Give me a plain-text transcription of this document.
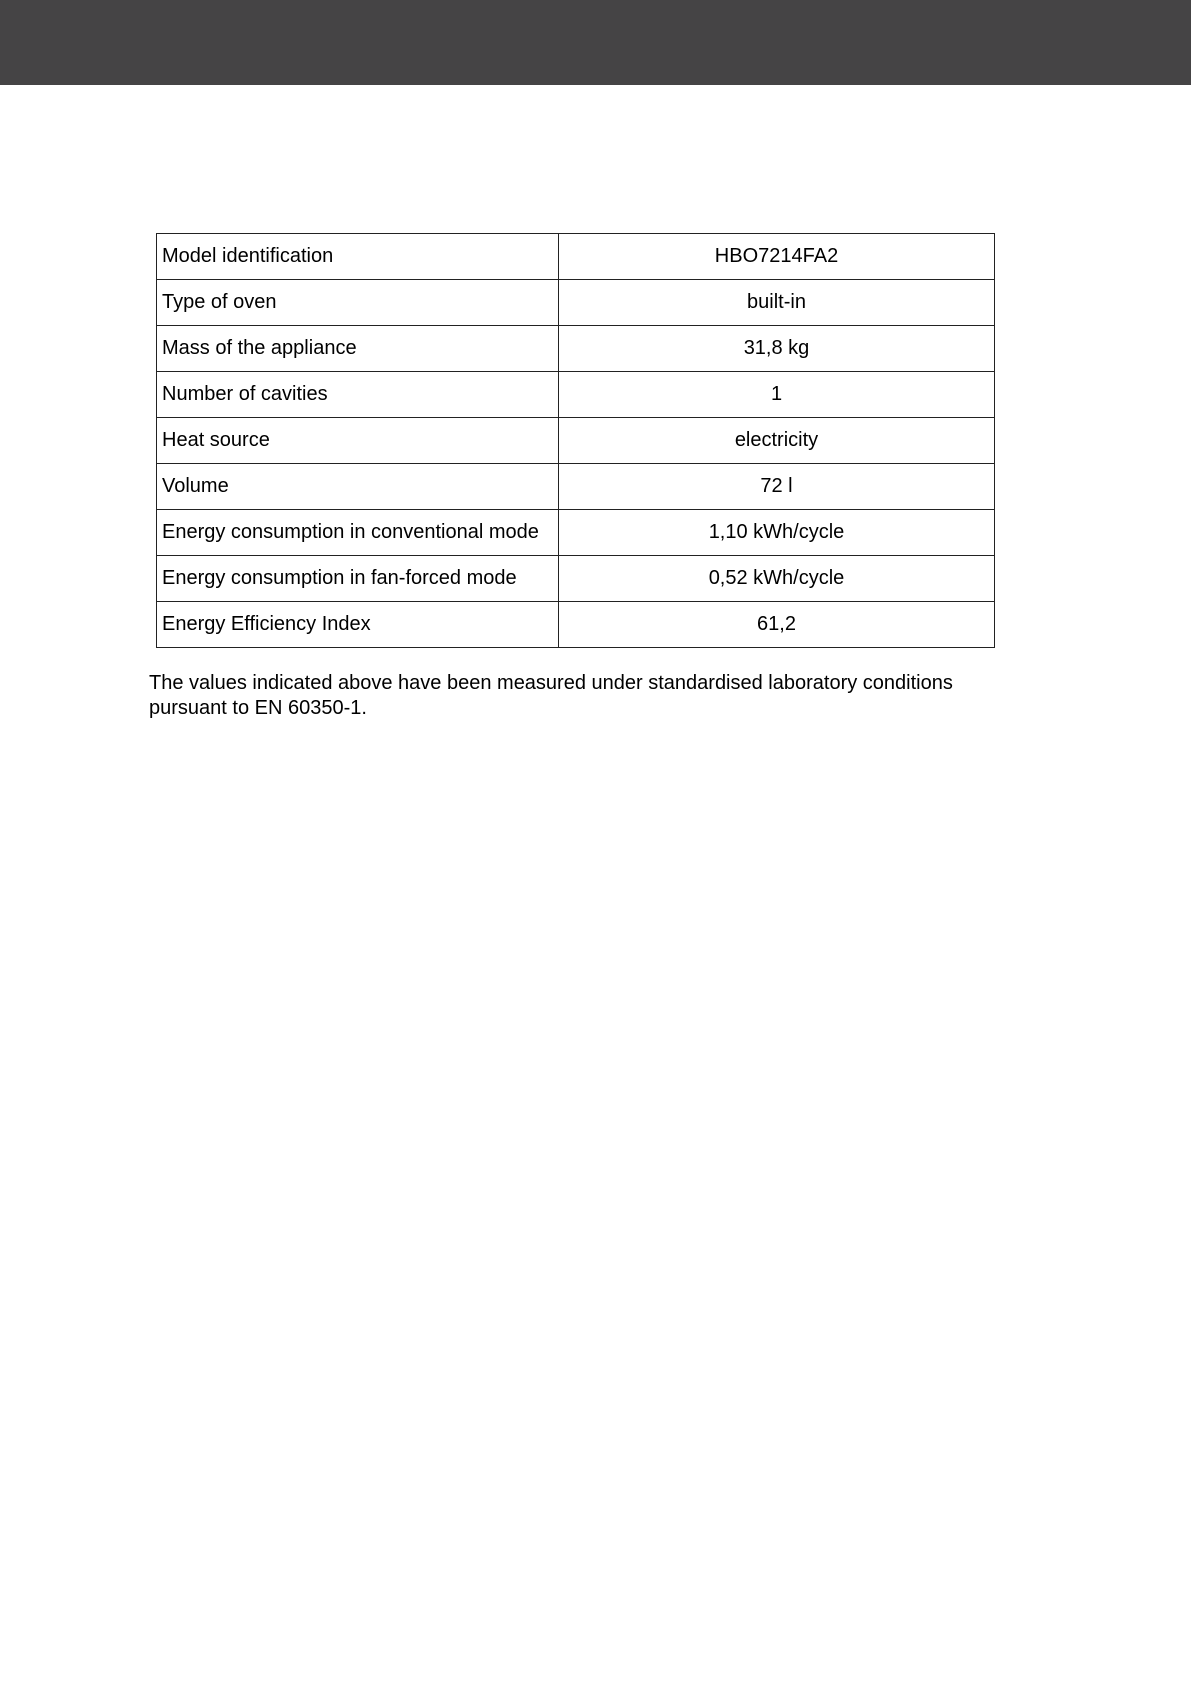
Model identification	HBO7214FA2
Type of oven	built-in
Mass of the appliance	31,8 kg
Number of cavities	1
Heat source	electricity
Volume	72 l
Energy consumption in conventional mode	1,10 kWh/cycle
Energy consumption in fan-forced mode	0,52 kWh/cycle
Energy Efficiency Index	61,2

The values indicated above have been measured under standardised laboratory conditions
pursuant to EN 60350-1.
